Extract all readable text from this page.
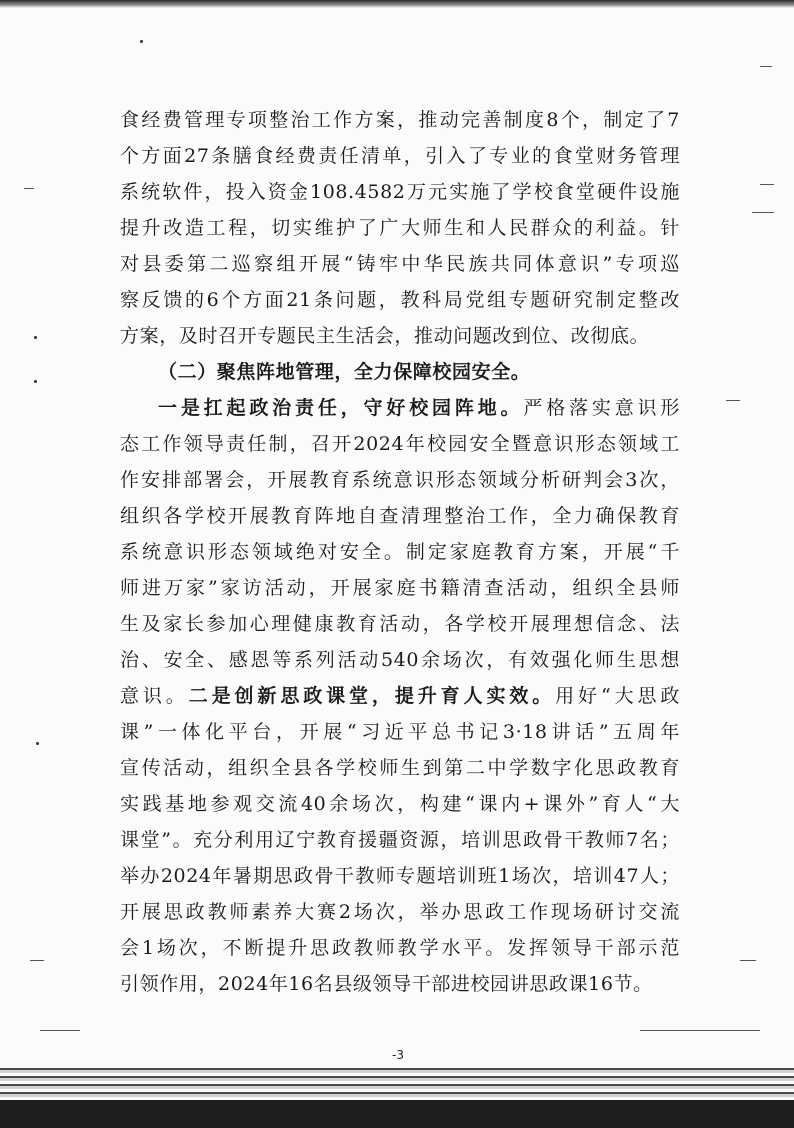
食经费管理专项整治工作方案，推动完善制度8个，制定了7
个方面27条膳食经费责任清单，引入了专业的食堂财务管理
系统软件，投入资金108.4582万元实施了学校食堂硬件设施
提升改造工程，切实维护了广大师生和人民群众的利益。针
对县委第二巡察组开展“铸牢中华民族共同体意识”专项巡
察反馈的6个方面21条问题，教科局党组专题研究制定整改
方案，及时召开专题民主生活会，推动问题改到位、改彻底。
（二）聚焦阵地管理，全力保障校园安全。
一是扛起政治责任，守好校园阵地。严格落实意识形
态工作领导责任制，召开2024年校园安全暨意识形态领域工
作安排部署会，开展教育系统意识形态领域分析研判会3次，
组织各学校开展教育阵地自查清理整治工作，全力确保教育
系统意识形态领域绝对安全。制定家庭教育方案，开展“千
师进万家”家访活动，开展家庭书籍清查活动，组织全县师
生及家长参加心理健康教育活动，各学校开展理想信念、法
治、安全、感恩等系列活动540余场次，有效强化师生思想
意识。二是创新思政课堂，提升育人实效。用好“大思政
课”一体化平台，开展“习近平总书记3·18讲话”五周年
宣传活动，组织全县各学校师生到第二中学数字化思政教育
实践基地参观交流40余场次，构建“课内+课外”育人“大
课堂”。充分利用辽宁教育援疆资源，培训思政骨干教师7名；
举办2024年暑期思政骨干教师专题培训班1场次，培训47人；
开展思政教师素养大赛2场次，举办思政工作现场研讨交流
会1场次，不断提升思政教师教学水平。发挥领导干部示范
引领作用，2024年16名县级领导干部进校园讲思政课16节。
-3
